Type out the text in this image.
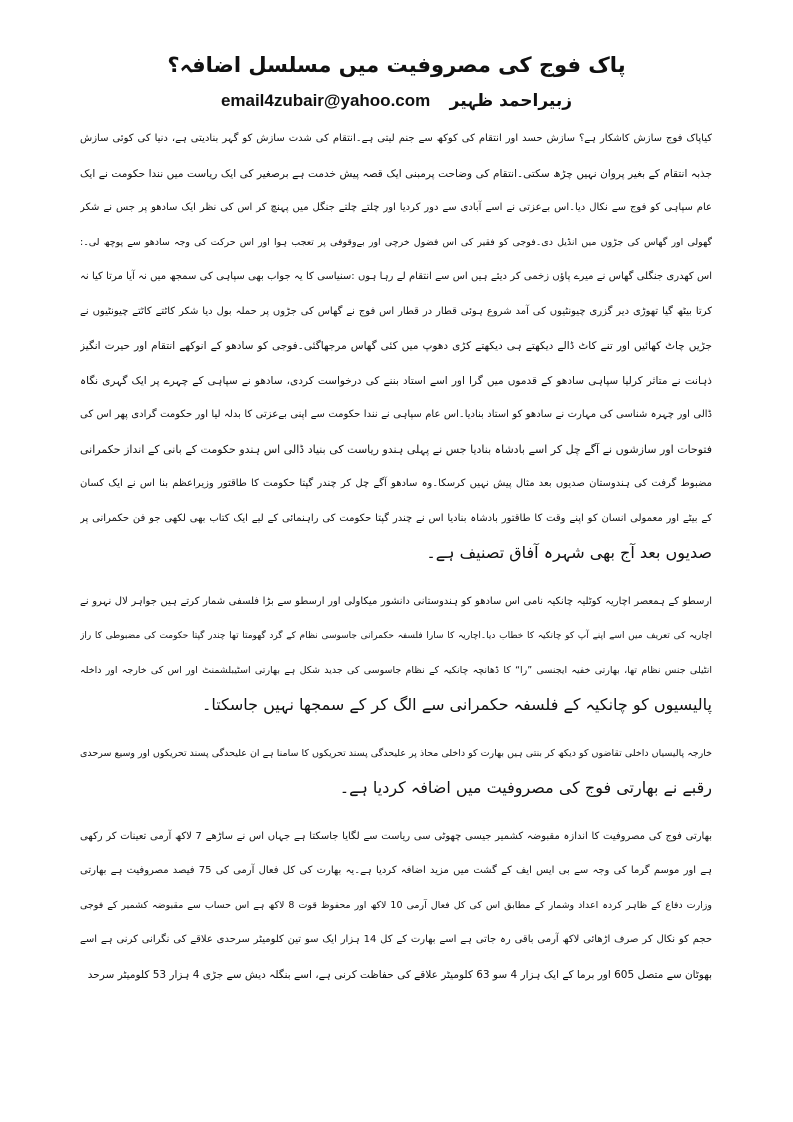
پاک فوج کی مصروفیت میں مسلسل اضافہ؟
email4zubair@yahoo.com زبیراحمد ظہیر
کیاپاک فوج سازش کاشکار ہے؟ سازش حسد اور انتقام کی کوکھ سے جنم لیتی ہے۔انتقام کی شدت سازش کو گہر بنادیتی ہے، دنیا کی کوئی سازش
جذبہ انتقام کے بغیر پروان نہیں چڑھ سکتی۔انتقام کی وضاحت پرمبنی ایک قصہ پیش خدمت ہے برصغیر کی ایک ریاست میں نندا حکومت نے ایک
عام سپاہی کو فوج سے نکال دیا۔اس بےعزتی نے اسے آبادی سے دور کردیا اور چلتے چلتے جنگل میں پہنچ کر اس کی نظر ایک سادھو پر جس نے شکر
گھولی اور گھاس کی جڑوں میں انڈیل دی۔فوجی کو فقیر کی اس فضول خرچی اور بےوقوفی پر تعجب ہوا اور اس حرکت کی وجہ سادھو سے پوچھ لی۔:
اس کھدری جنگلی گھاس نے میرے پاؤں زخمی کر دیئے ہیں اس سے انتقام لے رہا ہوں :سنیاسی کا یہ جواب بھی سپاہی کی سمجھ میں نہ آیا مرتا کیا نہ
کرتا بیٹھ گیا تھوڑی دیر گزری چیونٹیوں کی آمد شروع ہوئی قطار در قطار اس فوج نے گھاس کی جڑوں پر حملہ بول دیا شکر کاٹتے کاٹتے چیونٹیوں نے
جڑیں چاٹ کھائیں اور تنے کاٹ ڈالے دیکھتے ہی دیکھتے کڑی دھوپ میں کئی گھاس مرجھاگئی۔فوجی کو سادھو کے انوکھے انتقام اور حیرت انگیز
ذہانت نے متاثر کرلیا سپاہی سادھو کے قدموں میں گرا اور اسے استاد بننے کی درخواست کردی، سادھو نے سپاہی کے چہرے پر ایک گہری نگاہ
ڈالی اور چہرہ شناسی کی مہارت نے سادھو کو استاد بنادیا۔اس عام سپاہی نے نندا حکومت سے اپنی بےعزتی کا بدلہ لیا اور حکومت گرادی پھر اس کی
فتوحات اور سازشوں نے آگے چل کر اسے بادشاہ بنادیا جس نے پہلی ہندو ریاست کی بنیاد ڈالی اس ہندو حکومت کے بانی کے انداز حکمرانی
مضبوط گرفت کی ہندوستان صدیوں بعد مثال پیش نہیں کرسکا۔وہ سادھو آگے چل کر چندر گپتا حکومت کا طاقتور وزیراعظم بنا اس نے ایک کسان
کے بیٹے اور معمولی انسان کو اپنے وقت کا طاقتور بادشاہ بنادیا اس نے چندر گپتا حکومت کی راہنمائی کے لیے ایک کتاب بھی لکھی جو فن حکمرانی پر
صدیوں بعد آج بھی شہرہ آفاق تصنیف ہے۔
ارسطو کے ہمعصر اچاریہ کوٹلیہ چانکیہ نامی اس سادھو کو ہندوستانی دانشور میکاولی اور ارسطو سے بڑا فلسفی شمار کرتے ہیں جواہر لال نہرو نے
اچاریہ کی تعریف میں اسے اپنے آپ کو چانکیہ کا خطاب دیا۔اچاریہ کا سارا فلسفہ حکمرانی جاسوسی نظام کے گرد گھومتا تھا چندر گپتا حکومت کی مضبوطی کا راز
انٹیلی جنس نظام تھا، بھارتی خفیہ ایجنسی ”را“ کا ڈھانچہ چانکیہ کے نظام جاسوسی کی جدید شکل ہے بھارتی اسٹیبلشمنٹ اور اس کی خارجہ اور داخلہ
پالیسیوں کو چانکیہ کے فلسفہ حکمرانی سے الگ کر کے سمجھا نہیں جاسکتا۔
خارجہ پالیسیاں داخلی تقاضوں کو دیکھ کر بنتی ہیں بھارت کو داخلی محاذ پر علیحدگی پسند تحریکوں کا سامنا ہے ان علیحدگی پسند تحریکوں اور وسیع سرحدی
رقبے نے بھارتی فوج کی مصروفیت میں اضافہ کردیا ہے۔
بھارتی فوج کی مصروفیت کا اندازہ مقبوضہ کشمیر جیسی چھوٹی سی ریاست سے لگایا جاسکتا ہے جہاں اس نے ساڑھے 7 لاکھ آرمی تعینات کر رکھی
ہے اور موسم گرما کی وجہ سے بی ایس ایف کے گشت میں مزید اضافہ کردیا ہے۔یہ بھارت کی کل فعال آرمی کی 75 فیصد مصروفیت ہے بھارتی
وزارت دفاع کے ظاہر کردہ اعداد وشمار کے مطابق اس کی کل فعال آرمی 10 لاکھ اور محفوظ قوت 8 لاکھ ہے اس حساب سے مقبوضہ کشمیر کے فوجی
حجم کو نکال کر صرف اڑھائی لاکھ آرمی باقی رہ جاتی ہے اسے بھارت کے کل 14 ہزار ایک سو تین کلومیٹر سرحدی علاقے کی نگرانی کرنی ہے اسے
بھوٹان سے متصل 605 اور برما کے ایک ہزار 4 سو 63 کلومیٹر علاقے کی حفاظت کرنی ہے، اسے بنگلہ دیش سے جڑی 4 ہزار 53 کلومیٹر سرحد
